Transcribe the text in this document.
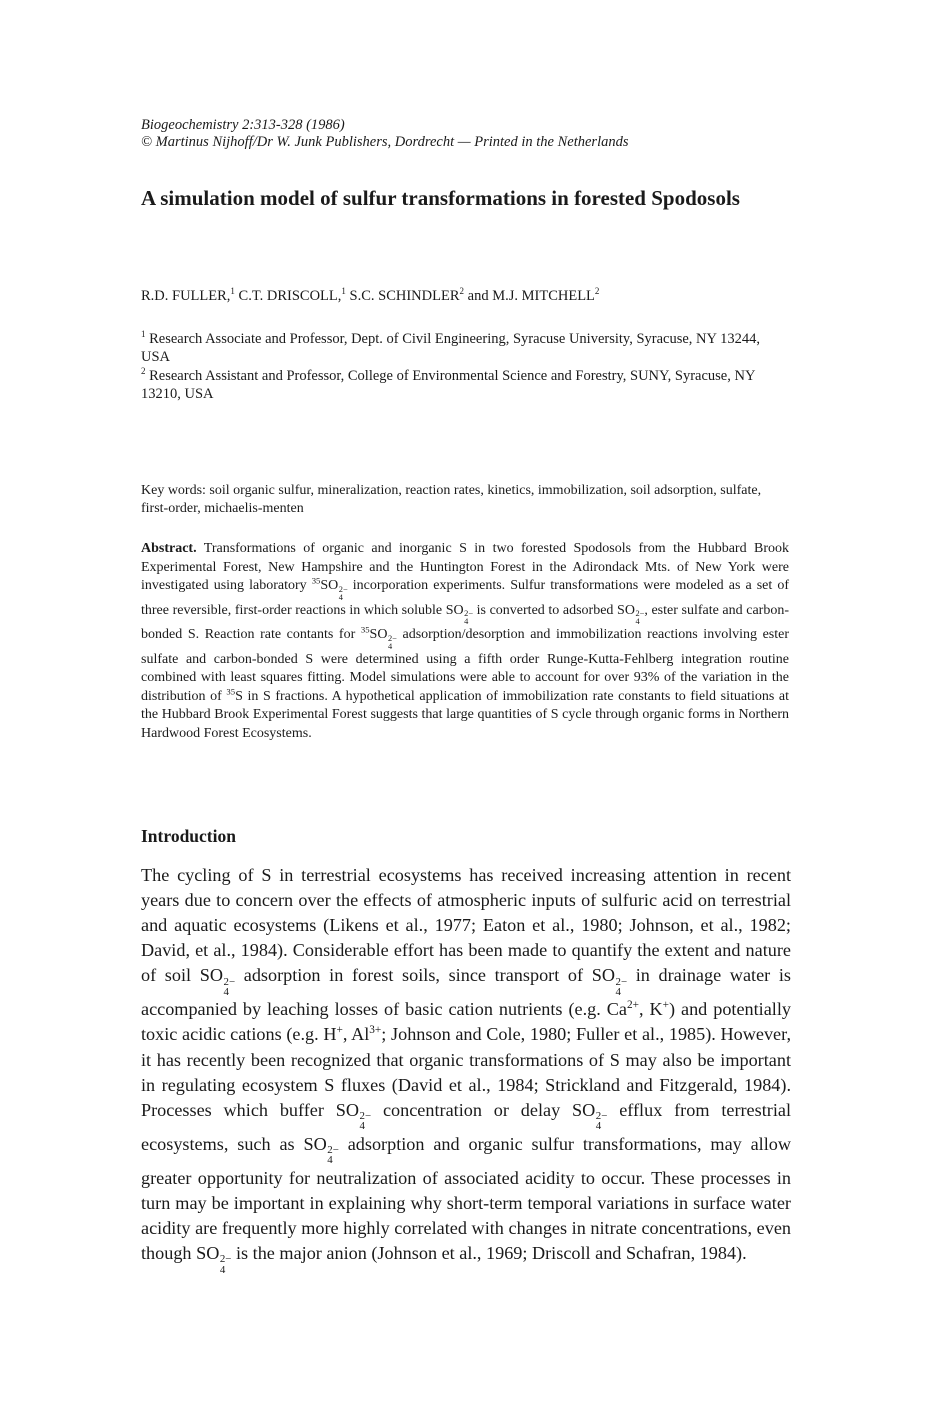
Biogeochemistry 2:313-328 (1986)
© Martinus Nijhoff/Dr W. Junk Publishers, Dordrecht — Printed in the Netherlands
A simulation model of sulfur transformations in forested Spodosols
R.D. FULLER,$^1$ C.T. DRISCOLL,$^1$ S.C. SCHINDLER$^2$ and M.J. MITCHELL$^2$
$^1$ Research Associate and Professor, Dept. of Civil Engineering, Syracuse University, Syracuse, NY 13244, USA
$^2$ Research Assistant and Professor, College of Environmental Science and Forestry, SUNY, Syracuse, NY 13210, USA
Key words: soil organic sulfur, mineralization, reaction rates, kinetics, immobilization, soil adsorption, sulfate, first-order, michaelis-menten

Abstract. Transformations of organic and inorganic S in two forested Spodosols from the Hubbard Brook Experimental Forest, New Hampshire and the Huntington Forest in the Adirondack Mts. of New York were investigated using laboratory $^{35}$SO 2−
4
incorporation experiments. Sulfur transformations were modeled as a set of three reversible, first-order reactions in which soluble SO 2−
4
is converted to adsorbed SO 2−
4
, ester sulfate and carbon-bonded S. Reaction rate contants for $^{35}$SO 2−
4
adsorption/desorption and immobilization reactions involving ester sulfate and carbon-bonded S were determined using a fifth order Runge-Kutta-Fehlberg integration routine combined with least squares fitting. Model simulations were able to account for over 93% of the variation in the distribution of $^{35}$S in S fractions. A hypothetical application of immobilization rate constants to field situations at the Hubbard Brook Experimental Forest suggests that large quantities of S cycle through organic forms in Northern Hardwood Forest Ecosystems.

Introduction

The cycling of S in terrestrial ecosystems has received increasing attention in recent years due to concern over the effects of atmospheric inputs of sulfuric acid on terrestrial and aquatic ecosystems (Likens et al., 1977; Eaton et al., 1980; Johnson, et al., 1982; David, et al., 1984). Considerable effort has been made to quantify the extent and nature of soil SO 2−
4
adsorption in forest soils, since transport of SO 2−
4
in drainage water is accompanied by leaching losses of basic cation nutrients (e.g. $Ca^{2+}$, K+) and potentially toxic acidic cations (e.g. H+, $Al^{3+}$; Johnson and Cole, 1980; Fuller et al., 1985). However, it has recently been recognized that organic transformations of S may also be important in regulating ecosystem S fluxes (David et al., 1984; Strickland and Fitzgerald, 1984). Processes which buffer SO 2−
4
concentration or delay SO 2−
4
efflux from terrestrial ecosystems, such as SO 2−
4
adsorption and organic sulfur transformations, may allow greater opportunity for neutralization of associated acidity to occur. These processes in turn may be important in explaining why short-term temporal variations in surface water acidity are frequently more highly correlated with changes in nitrate concentrations, even though SO 2−
4
is the major anion (Johnson et al., 1969; Driscoll and Schafran, 1984).
